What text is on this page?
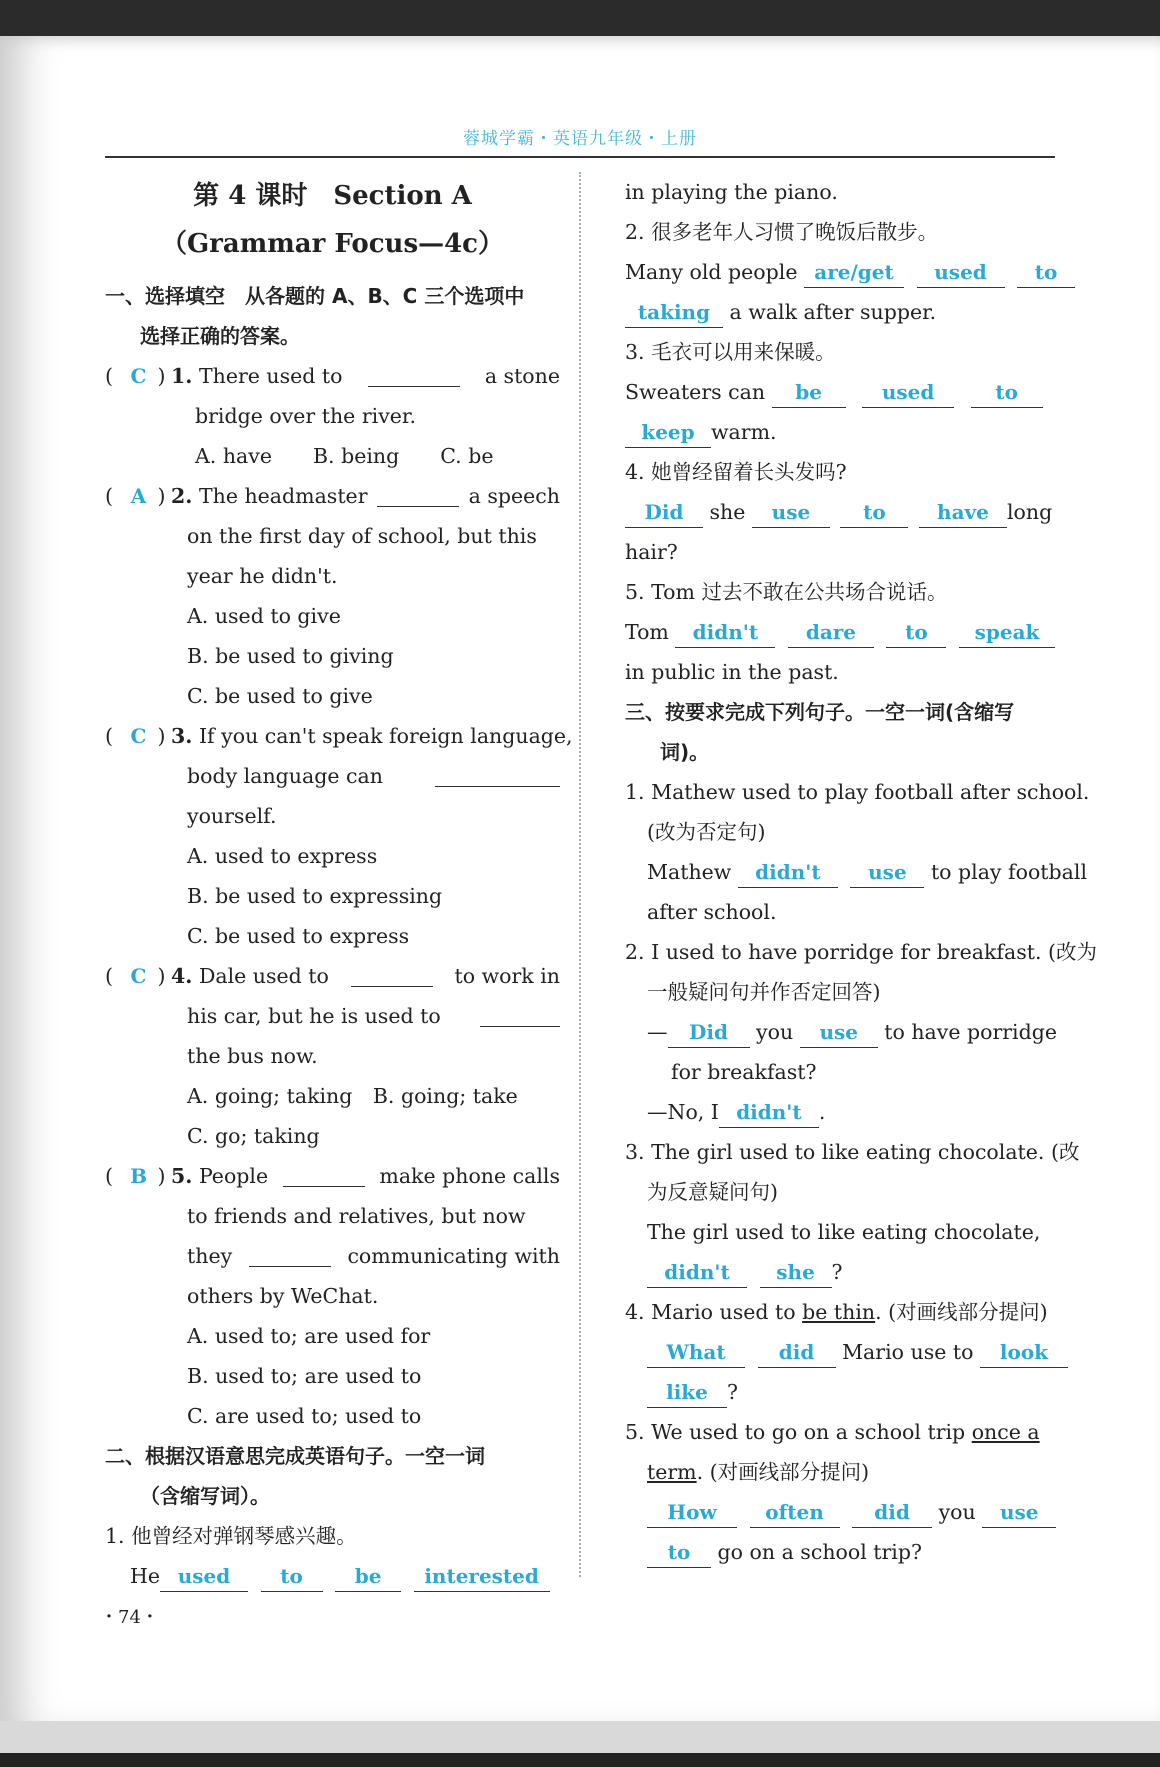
蓉城学霸・英语九年级・上册
第 4 课时　Section A
（Grammar Focus—4c）
一、选择填空　从各题的 A、B、C 三个选项中
选择正确的答案。
( C ) 1. There used to	a stone
bridge over the river.
A. have　　B. being　　C. be
( A ) 2. The headmaster	a speech
on the first day of school, but this
year he didn't.
A. used to give
B. be used to giving
C. be used to give
( C ) 3. If you can't speak foreign language,
body language can
yourself.
A. used to express
B. be used to expressing
C. be used to express
( C ) 4. Dale used to	to work in
his car, but he is used to
the bus now.
A. going; taking　B. going; take
C. go; taking
( B ) 5. People	make phone calls
to friends and relatives, but now
they	communicating with
others by WeChat.
A. used to; are used for
B. used to; are used to
C. are used to; used to
二、根据汉语意思完成英语句子。一空一词
（含缩写词）。
1. 他曾经对弹钢琴感兴趣。
He used to	be interested
in playing the piano.
2. 很多老年人习惯了晚饭后散步。
Many old people are/get used to
taking a walk after supper.
3. 毛衣可以用来保暖。
Sweaters can be	used	to
keep warm.
4. 她曾经留着长头发吗?
Did she use	to	have long
hair?
5. Tom 过去不敢在公共场合说话。
Tom didn't dare to speak
in public in the past.
三、按要求完成下列句子。一空一词(含缩写
词)。
1. Mathew used to play football after school.
(改为否定句)
Mathew didn't use to play football
after school.
2. I used to have porridge for breakfast. (改为
一般疑问句并作否定回答)
— Did you use to have porridge
for breakfast?
—No, I didn't .
3. The girl used to like eating chocolate. (改
为反意疑问句)
The girl used to like eating chocolate,
didn't she ?
4. Mario used to be thin. (对画线部分提问)
What	did Mario use to look
like ?
5. We used to go on a school trip once a
term. (对画线部分提问)
How often	did you use
to go on a school trip?
・74・
